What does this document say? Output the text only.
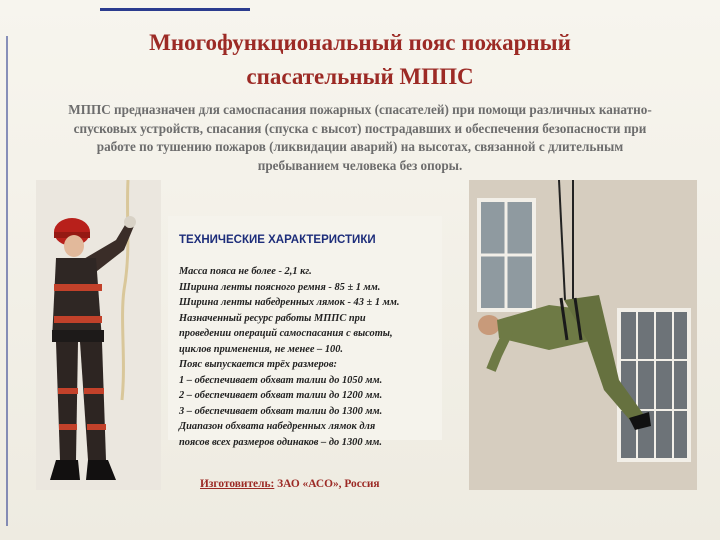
Многофункциональный пояс пожарный
спасательный МППС
МППС предназначен для самоспасания пожарных (спасателей) при помощи различных канатно-
спусковых устройств, спасания (спуска с высот) пострадавших и обеспечения безопасности при
работе по тушению пожаров (ликвидации аварий) на высотах, связанной с длительным
пребыванием человека без опоры.
ТЕХНИЧЕСКИЕ ХАРАКТЕРИСТИКИ
Масса пояса не более - 2,1 кг.
Ширина ленты поясного ремня - 85 ± 1 мм.
Ширина ленты набедренных лямок - 43 ± 1 мм.
Назначенный ресурс работы МППС при
проведении операций самоспасания с высоты,
циклов применения, не менее – 100.
Пояс выпускается трёх размеров:
1 – обеспечивает обхват талии до 1050 мм.
2 – обеспечивает обхват талии до 1200 мм.
3 – обеспечивает обхват талии до 1300 мм.
Диапазон обхвата набедренных лямок для
поясов всех размеров одинаков – до 1300 мм.
Изготовитель: ЗАО «АСО», Россия
